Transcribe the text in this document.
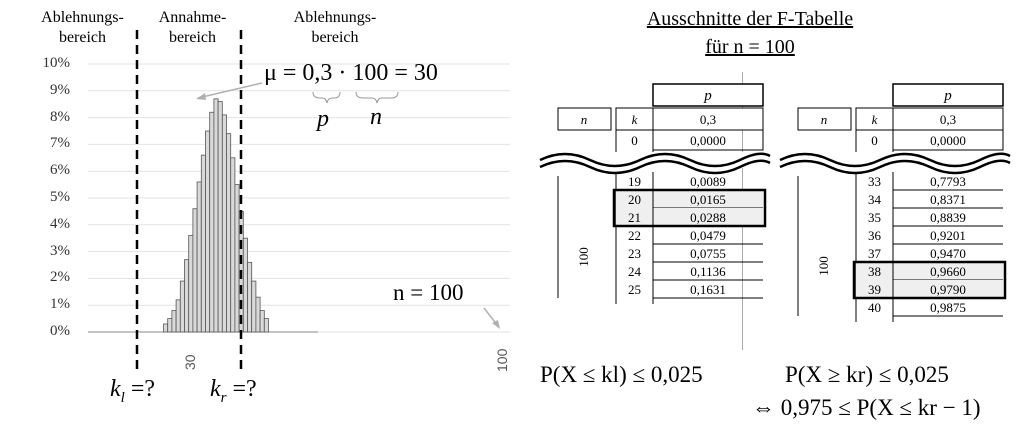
Ablehnungs-
bereich
Annahme-
bereich
Ablehnungs-
bereich
10%
9%
8%
7%
6%
5%
4%
3%
2%
1%
0%
30	100
μ = 0,3 · 100 = 30
p n
n = 100
$k_l$ =? $k_r$ =?
Ausschnitte der F-Tabelle
für n = 100
p
n	k	0,3
0	0,0000
100
19	0,0089
20	0,0165
21	0,0288
22	0,0479
23	0,0755
24	0,1136
25	0,1631
p
n	k	0,3
0	0,0000
100
33	0,7793
34	0,8371
35	0,8839
36	0,9201
37	0,9470
38	0,9660
39	0,9790
40	0,9875
P(X ≤ kl) ≤ 0,025	P(X ≥ kr) ≤ 0,025
⇔ 0,975 ≤ P(X ≤ kr − 1)
